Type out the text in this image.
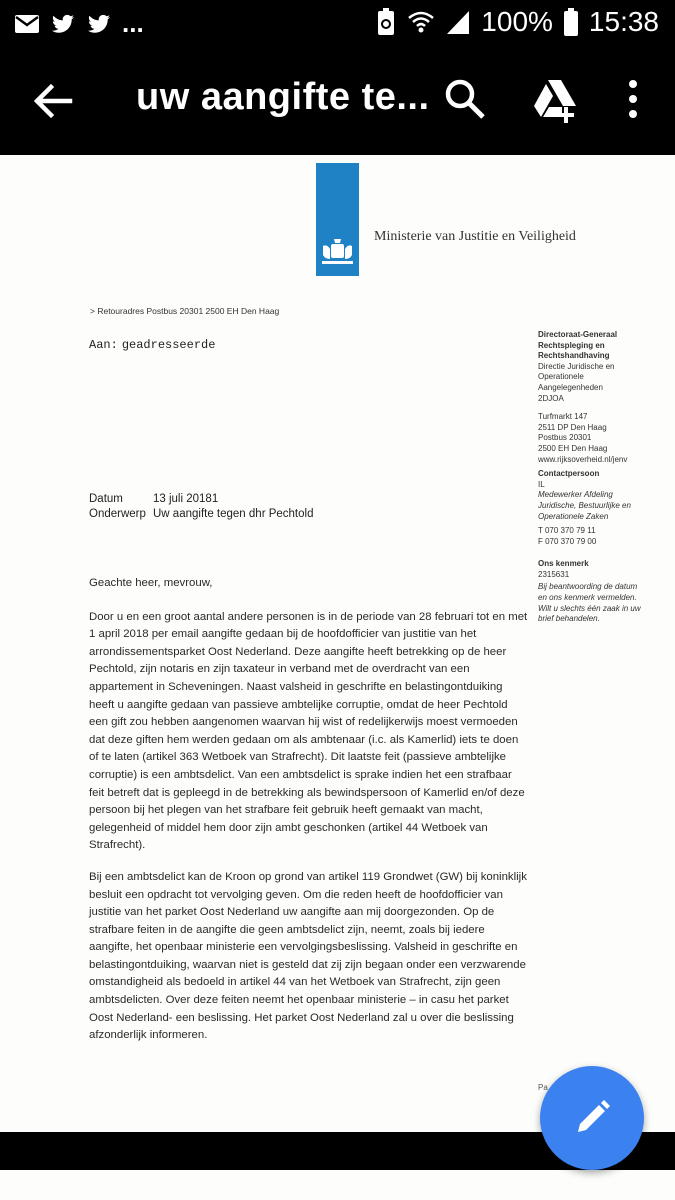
...	100% 15:38
uw aangifte te...
Ministerie van Justitie en Veiligheid
> Retouradres Postbus 20301 2500 EH Den Haag
Aan: geadresseerde
Directoraat-Generaal
Rechtspleging en
Rechtshandhaving
Directie Juridische en
Operationele
Aangelegenheden
2DJOA
Turfmarkt 147
2511 DP Den Haag
Postbus 20301
2500 EH Den Haag
www.rijksoverheid.nl/jenv
Contactpersoon
IL
Medewerker Afdeling
Juridische, Bestuurlijke en
Operationele Zaken
T 070 370 79 11
F 070 370 79 00
Ons kenmerk
2315631
Bij beantwoording de datum
en ons kenmerk vermelden.
Wilt u slechts één zaak in uw
brief behandelen.
Datum	13 juli 20181
Onderwerp Uw aangifte tegen dhr Pechtold

Geachte heer, mevrouw,

Door u en een groot aantal andere personen is in de periode van 28 februari tot en met 1 april 2018 per email aangifte gedaan bij de hoofdofficier van justitie van het arrondissementsparket Oost Nederland. Deze aangifte heeft betrekking op de heer Pechtold, zijn notaris en zijn taxateur in verband met de overdracht van een appartement in Scheveningen. Naast valsheid in geschrifte en belastingontduiking heeft u aangifte gedaan van passieve ambtelijke corruptie, omdat de heer Pechtold een gift zou hebben aangenomen waarvan hij wist of redelijkerwijs moest vermoeden dat deze giften hem werden gedaan om als ambtenaar (i.c. als Kamerlid) iets te doen of te laten (artikel 363 Wetboek van Strafrecht). Dit laatste feit (passieve ambtelijke corruptie) is een ambtsdelict. Van een ambtsdelict is sprake indien het een strafbaar feit betreft dat is gepleegd in de betrekking als bewindspersoon of Kamerlid en/of deze persoon bij het plegen van het strafbare feit gebruik heeft gemaakt van macht, gelegenheid of middel hem door zijn ambt geschonken (artikel 44 Wetboek van Strafrecht).

Bij een ambtsdelict kan de Kroon op grond van artikel 119 Grondwet (GW) bij koninklijk besluit een opdracht tot vervolging geven. Om die reden heeft de hoofdofficier van justitie van het parket Oost Nederland uw aangifte aan mij doorgezonden. Op de strafbare feiten in de aangifte die geen ambtsdelict zijn, neemt, zoals bij iedere aangifte, het openbaar ministerie een vervolgingsbeslissing. Valsheid in geschrifte en belastingontduiking, waarvan niet is gesteld dat zij zijn begaan onder een verzwarende omstandigheid als bedoeld in artikel 44 van het Wetboek van Strafrecht, zijn geen ambtsdelicten. Over deze feiten neemt het openbaar ministerie – in casu het parket Oost Nederland- een beslissing. Het parket Oost Nederland zal u over die beslissing afzonderlijk informeren.

Pa
